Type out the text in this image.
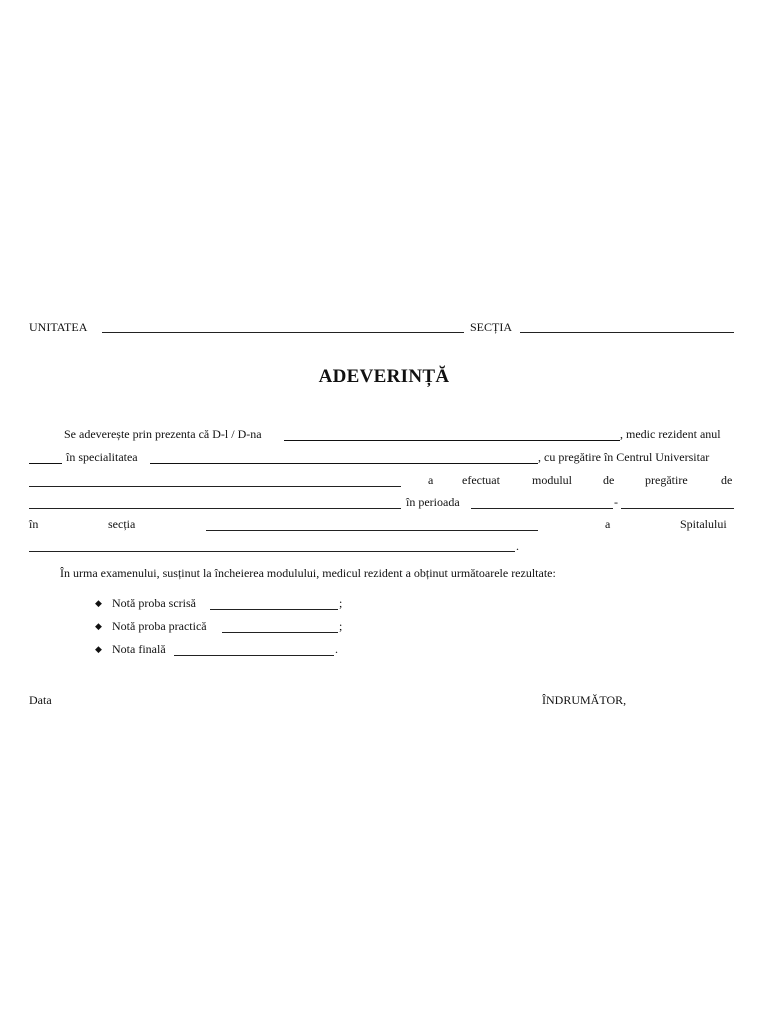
UNITATEA	SECȚIA
ADEVERINȚĂ
Se adeverește prin prezenta că D-l / D-na	, medic rezident anul
în specialitatea	, cu pregătire în Centrul Universitar
a efectuat	modulul	de	pregătire	de
în perioada	-
în	secția	a	Spitalului
.
În urma examenului, susținut la încheierea modulului, medicul rezident a obținut următoarele rezultate:
◆ Notă proba scrisă	;
◆ Notă proba practică	;
◆ Nota finală	.
Data	ÎNDRUMĂTOR,
